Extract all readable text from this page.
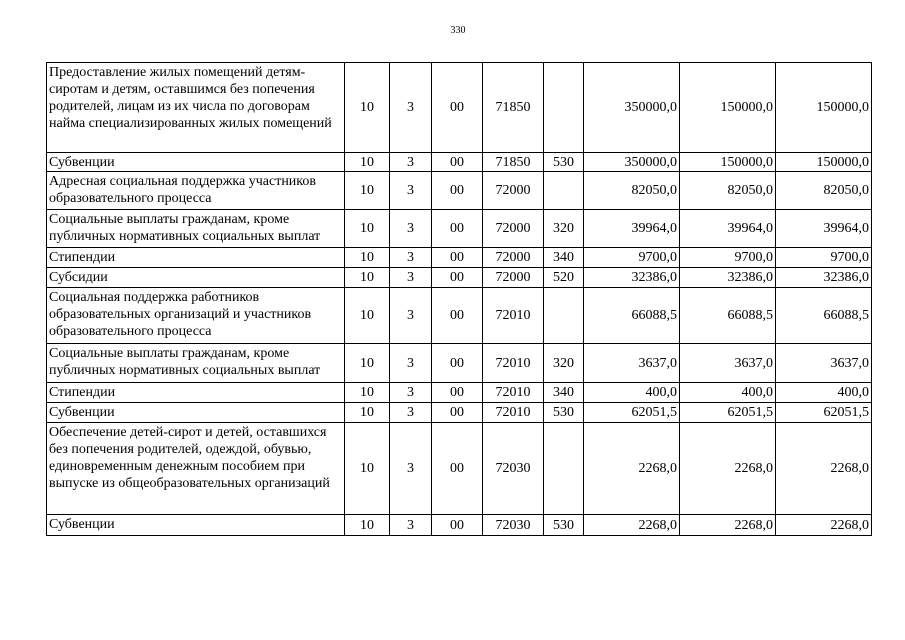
330
Предоставление жилых помещений детям-
сиротам и детям, оставшимся без попечения
родителей, лицам из их числа по договорам
найма специализированных жилых помещений	10	3	00	71850		350000,0	150000,0	150000,0

Субвенции	10	3	00	71850	530	350000,0	150000,0	150000,0

Адресная социальная поддержка участников
образовательного процесса	10	3	00	72000		82050,0	82050,0	82050,0

Социальные выплаты гражданам, кроме
публичных нормативных социальных выплат	10	3	00	72000	320	39964,0	39964,0	39964,0

Стипендии	10	3	00	72000	340	9700,0	9700,0	9700,0

Субсидии	10	3	00	72000	520	32386,0	32386,0	32386,0

Социальная поддержка работников
образовательных организаций и участников
образовательного процесса	10	3	00	72010		66088,5	66088,5	66088,5

Социальные выплаты гражданам, кроме
публичных нормативных социальных выплат	10	3	00	72010	320	3637,0	3637,0	3637,0

Стипендии	10	3	00	72010	340	400,0	400,0	400,0

Субвенции	10	3	00	72010	530	62051,5	62051,5	62051,5

Обеспечение детей-сирот и детей, оставшихся
без попечения родителей, одеждой, обувью,
единовременным денежным пособием при
выпуске из общеобразовательных организаций	10	3	00	72030		2268,0	2268,0	2268,0

Субвенции	10	3	00	72030	530	2268,0	2268,0	2268,0
